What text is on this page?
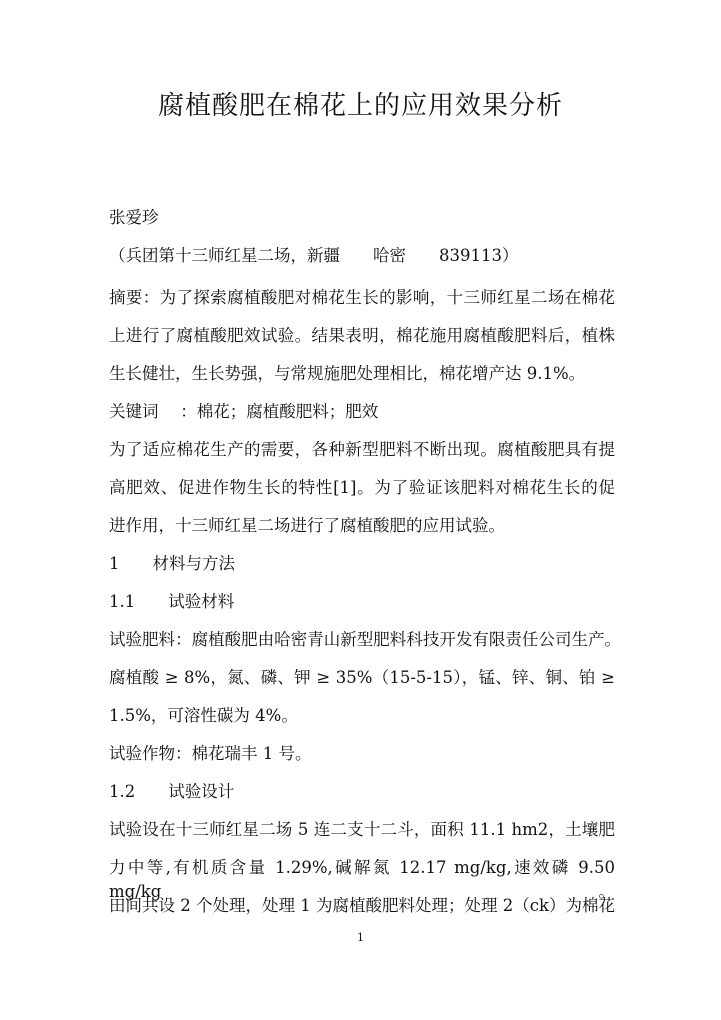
腐植酸肥在棉花上的应用效果分析
张爱珍
（兵团第十三师红星二场，新疆　　哈密　　839113）
摘要：为了探索腐植酸肥对棉花生长的影响，十三师红星二场在棉花
上进行了腐植酸肥效试验。结果表明，棉花施用腐植酸肥料后，植株
生长健壮，生长势强，与常规施肥处理相比，棉花增产达 9.1%。
关键词　 ：棉花；腐植酸肥料；肥效
为了适应棉花生产的需要，各种新型肥料不断出现。腐植酸肥具有提
高肥效、促进作物生长的特性[1]。为了验证该肥料对棉花生长的促
进作用，十三师红星二场进行了腐植酸肥的应用试验。
1　　材料与方法
1.1　　试验材料
试验肥料：腐植酸肥由哈密青山新型肥料科技开发有限责任公司生产。
腐植酸 ≥ 8%，氮、磷、钾 ≥ 35%（15-5-15），锰、锌、铜、铂 ≥
1.5%，可溶性碳为 4%。
试验作物：棉花瑞丰 1 号。
1.2　　试验设计
试验设在十三师红星二场 5 连二支十二斗，面积 11.1 hm2，土壤肥
力中等,有机质含量 1.29%,碱解氮 12.17 mg/kg,速效磷 9.50 mg/kg。
田间共设 2 个处理，处理 1 为腐植酸肥料处理；处理 2（ck）为棉花
1
